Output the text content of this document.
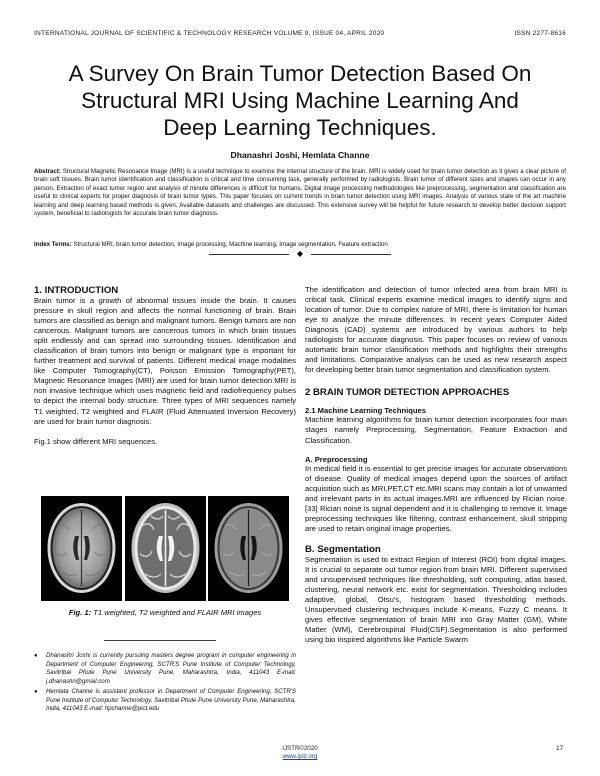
INTERNATIONAL JOURNAL OF SCIENTIFIC & TECHNOLOGY RESEARCH VOLUME 9, ISSUE 04, APRIL 2020	ISSN 2277-8616
A Survey On Brain Tumor Detection Based On
Structural MRI Using Machine Learning And
Deep Learning Techniques.
Dhanashri Joshi, Hemlata Channe

Abstract: Structural Magnetic Resonance Image (MRI) is a useful technique to examine the internal structure of the brain. MRI is widely used for brain tumor detection as it gives a clear picture of brain soft tissues. Brain tumor identification and classification is critical and time consuming task, generally performed by radiologists. Brain tumor of different sizes and shapes can occur in any person. Extraction of exact tumor region and analysis of minute differences is difficult for humans. Digital image processing methodologies like preprocessing, segmentation and classification are useful to clinical experts for proper diagnosis of brain tumor types. This paper focuses on current trends in brain tumor detection using MRI images. Analysis of various state of the art machine learning and deep learning based methods is given. Available datasets and challenges are discussed. This extensive survey will be helpful for future research to develop better decision support system, beneficial to radiologists for accurate brain tumor diagnosis.

Index Terms: Structural MRI, brain tumor detection, Image processing, Machine learning, Image segmentation, Feature extraction

◆
1. INTRODUCTION

Brain tumor is a growth of abnormal tissues inside the brain. It causes pressure in skull region and affects the normal functioning of brain. Brain tumors are classified as benign and malignant tumors. Benign tumors are non cancerous. Malignant tumors are cancerous tumors in which brain tissues split endlessly and can spread into surrounding tissues. Identification and classification of brain tumors into benign or malignant type is important for further treatment and survival of patients. Different medical image modalities like Computer Tomography(CT), Poisson Emission Tomography(PET), Magnetic Resonance Images (MRI) are used for brain tumor detection.MRI is non invasive technique which uses magnetic field and radiofrequency pulses to depict the internal body structure. Three types of MRI sequences namely T1 weighted, T2 weighted and FLAIR (Fluid Attenuated Inversion Recovery) are used for brain tumor diagnosis.

Fig.1 show different MRI sequences.

Fig. 1: T1 weighted, T2 weighted and FLAIR MRI images
●	Dhanashri Joshi is currently pursuing masters degree program in computer engineering in Department of Computer Engineering, SCTR'S Pune Institute of Computer Technology, Savitribai Phule Pune University Pune, Maharashtra, India, 411043 E-mail: j.dhanashri@gmail.com
●	Hemlata Channe is assistant professor in Department of Computer Engineering, SCTR'S Pune Institute of Computer Technology, Savitribai Phule Pune University Pune, Maharashtra, India, 411043 E-mail: hpchanne@pict.edu

The identification and detection of tumor infected area from brain MRI is critical task. Clinical experts examine medical images to identify signs and location of tumor. Due to complex nature of MRI, there is limitation for human eye to analyze the minute differences. In recent years Computer Aided Diagnosis (CAD) systems are introduced by various authors to help radiologists for accurate diagnosis. This paper focuses on review of various automatic brain tumor classification methods and highlights their strengths and limitations. Comparative analysis can be used as new research aspect for developing better brain tumor segmentation and classification system.

2 BRAIN TUMOR DETECTION APPROACHES
2.1 Machine Learning Techniques

Machine learning algorithms for brain tumor detection incorporates four main stages namely Preprocessing, Segmentation, Feature Extraction and Classification.

A. Preprocessing

In medical field it is essential to get precise images for accurate observations of disease. Quality of medical images depend upon the sources of artifact acquisition such as MRI,PET,CT etc.MRI scans may contain a lot of unwanted and irrelevant parts in its actual images.MRI are influenced by Rician noise.[33] Rician noise is signal dependent and it is challenging to remove it. Image preprocessing techniques like filtering, contrast enhancement, skull stripping are used to retain original image properties.

B. Segmentation

Segmentation is used to extract Region of Interest (ROI) from digital images. It is crucial to separate out tumor region from brain MRI. Different supervised and unsupervised techniques like thresholding, soft computing, atlas based, clustering, neural network etc. exist for segmentation. Thresholding includes adaptive, global, Otsu's, histogram based thresholding methods. Unsupervised clustering techniques include K-means, Fuzzy C means. It gives effective segmentation of brain MRI into Gray Matter (GM), White Matter (WM), Cerebrospinal Fluid(CSF).Segmentation is also performed using bio inspired algorithms like Particle Swarm

IJSTR©2020
www.ijstr.org
17
